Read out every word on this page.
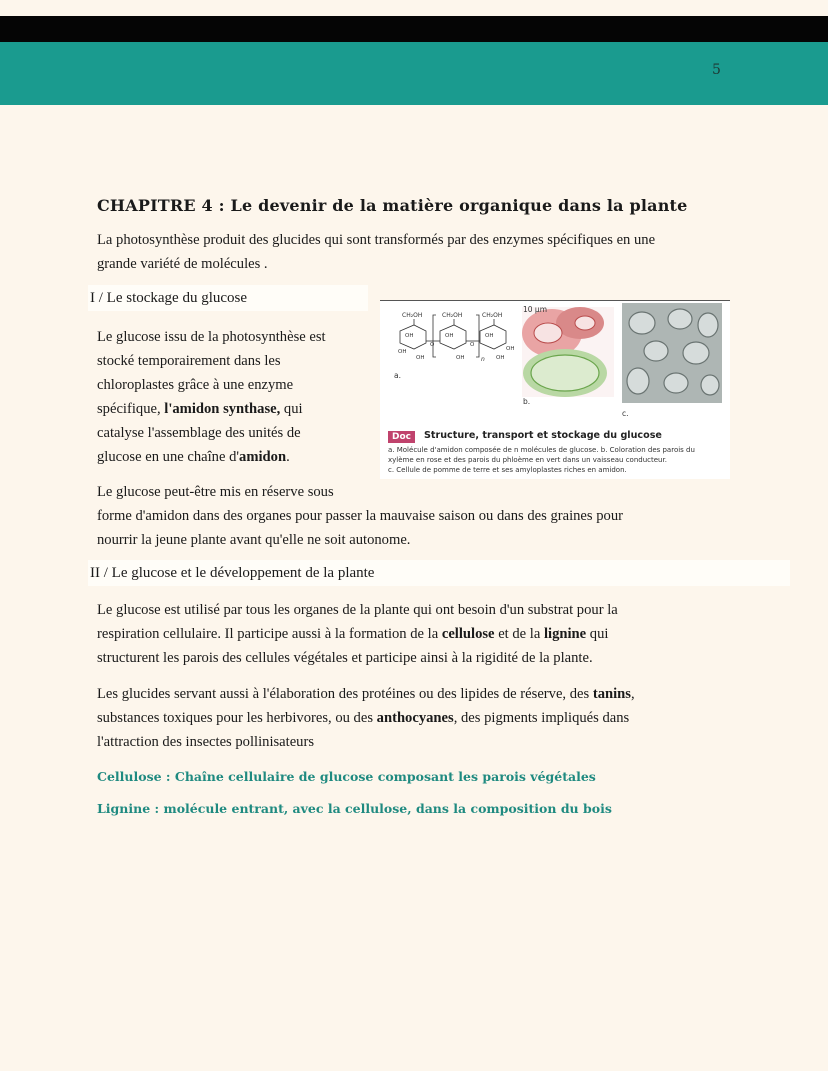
5
CHAPITRE 4 : Le devenir de la matière organique dans la plante
La photosynthèse produit des glucides qui sont transformés par des enzymes spécifiques en une
grande variété de molécules .
I / Le stockage du glucose
Le glucose issu de la photosynthèse est
stocké temporairement dans les
chloroplastes grâce à une enzyme
spécifique, l'amidon synthase, qui
catalyse l'assemblage des unités de
glucose en une chaîne d'amidon.
CH₂OH	CH₂OH	CH₂OH
OH	OH	OH
OH
OH	OH	OH
OH
O	O
n
10 µm
a.
b.
c.
Doc	Structure, transport et stockage du glucose
a. Molécule d'amidon composée de n molécules de glucose. b. Coloration des parois du
xylème en rose et des parois du phloème en vert dans un vaisseau conducteur.
c. Cellule de pomme de terre et ses amyloplastes riches en amidon.
Le glucose peut-être mis en réserve sous
forme d'amidon dans des organes pour passer la mauvaise saison ou dans des graines pour
nourrir la jeune plante avant qu'elle ne soit autonome.
II / Le glucose et le développement de la plante
Le glucose est utilisé par tous les organes de la plante qui ont besoin d'un substrat pour la
respiration cellulaire. Il participe aussi à la formation de la cellulose et de la lignine qui
structurent les parois des cellules végétales et participe ainsi à la rigidité de la plante.
Les glucides servant aussi à l'élaboration des protéines ou des lipides de réserve, des tanins,
substances toxiques pour les herbivores, ou des anthocyanes, des pigments impliqués dans
l'attraction des insectes pollinisateurs
Cellulose : Chaîne cellulaire de glucose composant les parois végétales
Lignine : molécule entrant, avec la cellulose, dans la composition du bois
